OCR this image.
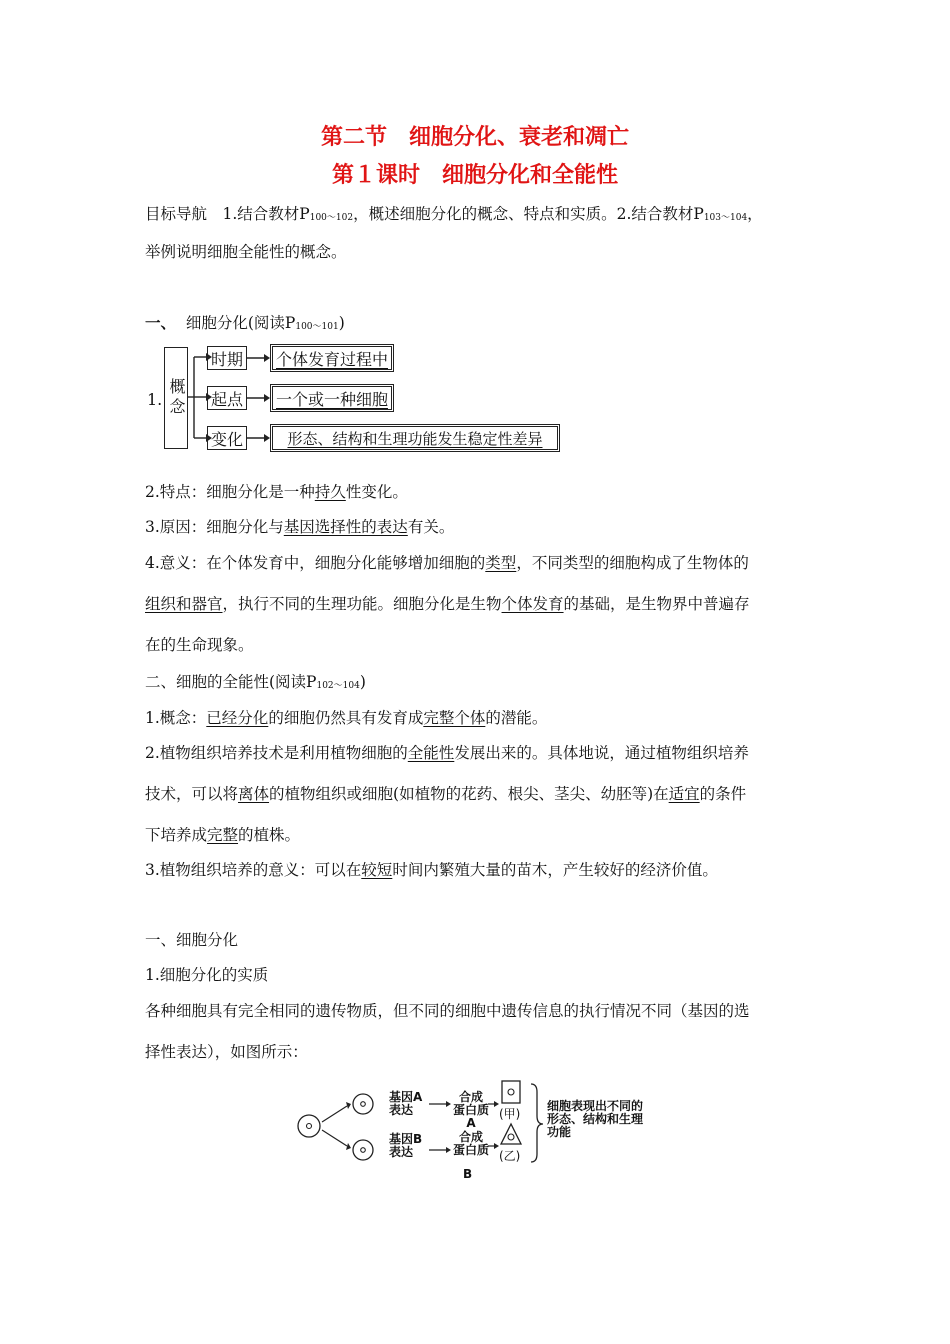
第二节　细胞分化、衰老和凋亡
第１课时　细胞分化和全能性
目标导航　1.结合教材$P_{100\sim 102}$，概述细胞分化的概念、特点和实质。2.结合教材$P_{103\sim 104}$，
举例说明细胞全能性的概念。
一、 细胞分化(阅读$P_{100\sim 101}$)
1. 概念
时期 个体发育过程中
起点 一个或一种细胞
变化	形态、结构和生理功能发生稳定性差异
2.特点：细胞分化是一种持久性变化。
3.原因：细胞分化与基因选择性的表达有关。
4.意义：在个体发育中，细胞分化能够增加细胞的类型，不同类型的细胞构成了生物体的
组织和器官，执行不同的生理功能。细胞分化是生物个体发育的基础，是生物界中普遍存
在的生命现象。
二、细胞的全能性(阅读$P_{102\sim 104}$)
1.概念：已经分化的细胞仍然具有发育成完整个体的潜能。
2.植物组织培养技术是利用植物细胞的全能性发展出来的。具体地说，通过植物组织培养
技术，可以将离体的植物组织或细胞(如植物的花药、根尖、茎尖、幼胚等)在适宜的条件
下培养成完整的植株。
3.植物组织培养的意义：可以在较短时间内繁殖大量的苗木，产生较好的经济价值。
一、细胞分化
1.细胞分化的实质
各种细胞具有完全相同的遗传物质，但不同的细胞中遗传信息的执行情况不同（基因的选
择性表达），如图所示：
基因A
表达
合成
蛋白质
A
基因B
表达
合成
蛋白质
B
(甲)
(乙)
细胞表现出不同的
形态、结构和生理
功能
